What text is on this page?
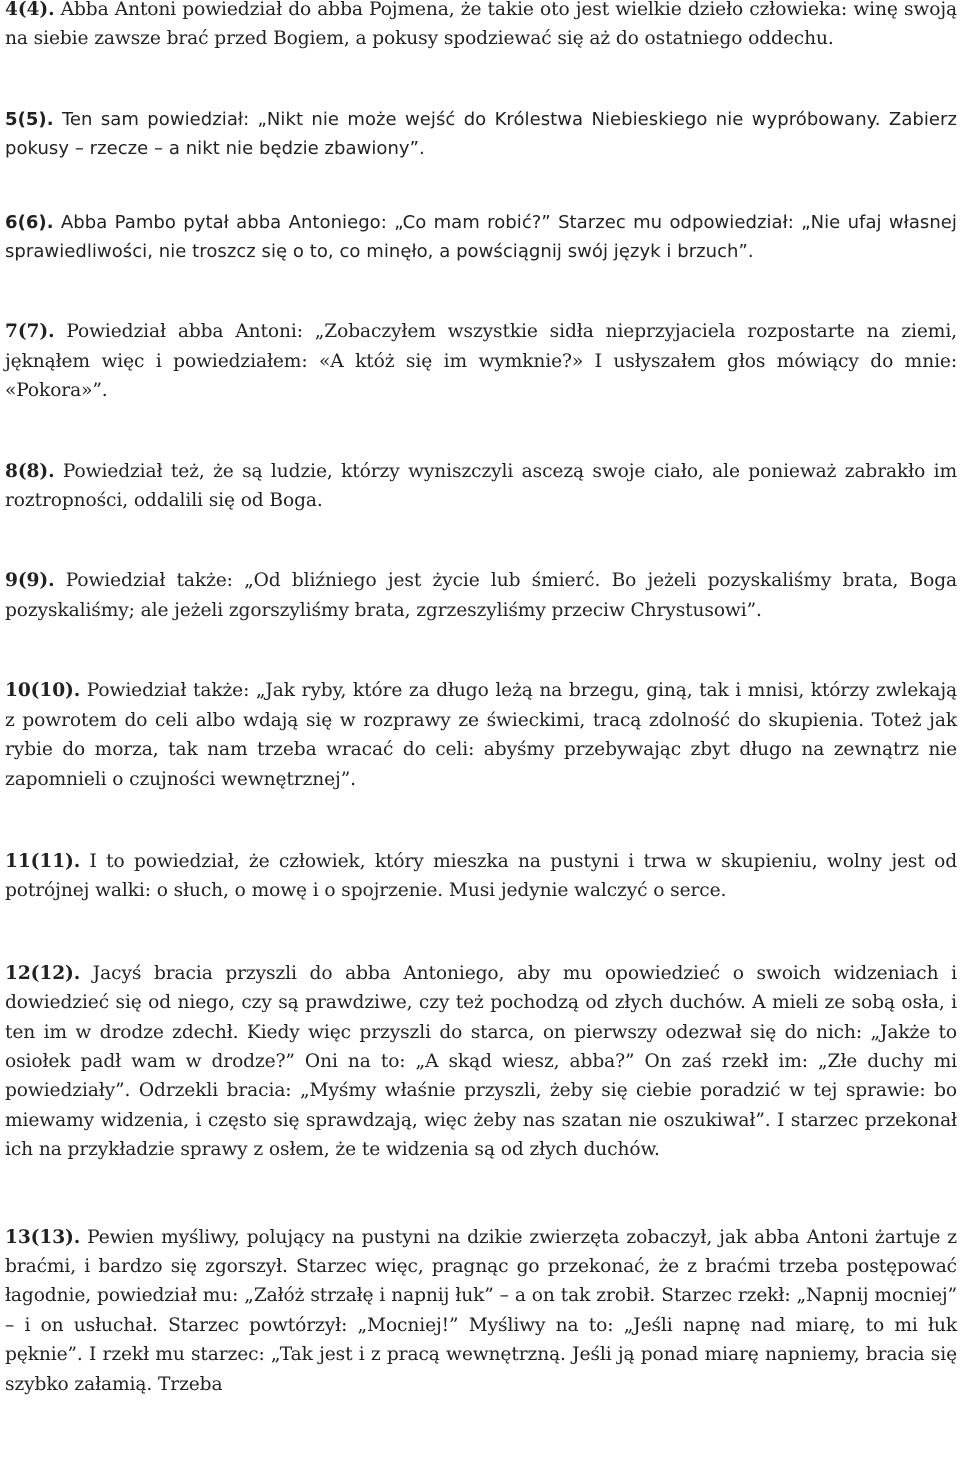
4(4). Abba Antoni powiedział do abba Pojmena, że takie oto jest wielkie dzieło człowieka: winę swoją na siebie zawsze brać przed Bogiem, a pokusy spodziewać się aż do ostatniego oddechu.

5(5). Ten sam powiedział: „Nikt nie może wejść do Królestwa Niebieskiego nie wypróbowany. Zabierz pokusy – rzecze – a nikt nie będzie zbawiony”.

6(6). Abba Pambo pytał abba Antoniego: „Co mam robić?” Starzec mu odpowiedział: „Nie ufaj własnej sprawiedliwości, nie troszcz się o to, co minęło, a powściągnij swój język i brzuch”.

7(7). Powiedział abba Antoni: „Zobaczyłem wszystkie sidła nieprzyjaciela rozpostarte na ziemi, jęknąłem więc i powiedziałem: «A któż się im wymknie?» I usłyszałem głos mówiący do mnie: «Pokora»”.

8(8). Powiedział też, że są ludzie, którzy wyniszczyli ascezą swoje ciało, ale ponieważ zabrakło im roztropności, oddalili się od Boga.

9(9). Powiedział także: „Od bliźniego jest życie lub śmierć. Bo jeżeli pozyskaliśmy brata, Boga pozyskaliśmy; ale jeżeli zgorszyliśmy brata, zgrzeszyliśmy przeciw Chrystusowi”.

10(10). Powiedział także: „Jak ryby, które za długo leżą na brzegu, giną, tak i mnisi, którzy zwlekają z powrotem do celi albo wdają się w rozprawy ze świeckimi, tracą zdolność do skupienia. Toteż jak rybie do morza, tak nam trzeba wracać do celi: abyśmy przebywając zbyt długo na zewnątrz nie zapomnieli o czujności wewnętrznej”.

11(11). I to powiedział, że człowiek, który mieszka na pustyni i trwa w skupieniu, wolny jest od potrójnej walki: o słuch, o mowę i o spojrzenie. Musi jedynie walczyć o serce.

12(12). Jacyś bracia przyszli do abba Antoniego, aby mu opowiedzieć o swoich widzeniach i dowiedzieć się od niego, czy są prawdziwe, czy też pochodzą od złych duchów. A mieli ze sobą osła, i ten im w drodze zdechł. Kiedy więc przyszli do starca, on pierwszy odezwał się do nich: „Jakże to osiołek padł wam w drodze?” Oni na to: „A skąd wiesz, abba?” On zaś rzekł im: „Złe duchy mi powiedziały”. Odrzekli bracia: „Myśmy właśnie przyszli, żeby się ciebie poradzić w tej sprawie: bo miewamy widzenia, i często się sprawdzają, więc żeby nas szatan nie oszukiwał”. I starzec przekonał ich na przykładzie sprawy z osłem, że te widzenia są od złych duchów.

13(13). Pewien myśliwy, polujący na pustyni na dzikie zwierzęta zobaczył, jak abba Antoni żartuje z braćmi, i bardzo się zgorszył. Starzec więc, pragnąc go przekonać, że z braćmi trzeba postępować łagodnie, powiedział mu: „Załóż strzałę i napnij łuk” – a on tak zrobił. Starzec rzekł: „Napnij mocniej” – i on usłuchał. Starzec powtórzył: „Mocniej!” Myśliwy na to: „Jeśli napnę nad miarę, to mi łuk pęknie”. I rzekł mu starzec: „Tak jest i z pracą wewnętrzną. Jeśli ją ponad miarę napniemy, bracia się szybko załamią. Trzeba
